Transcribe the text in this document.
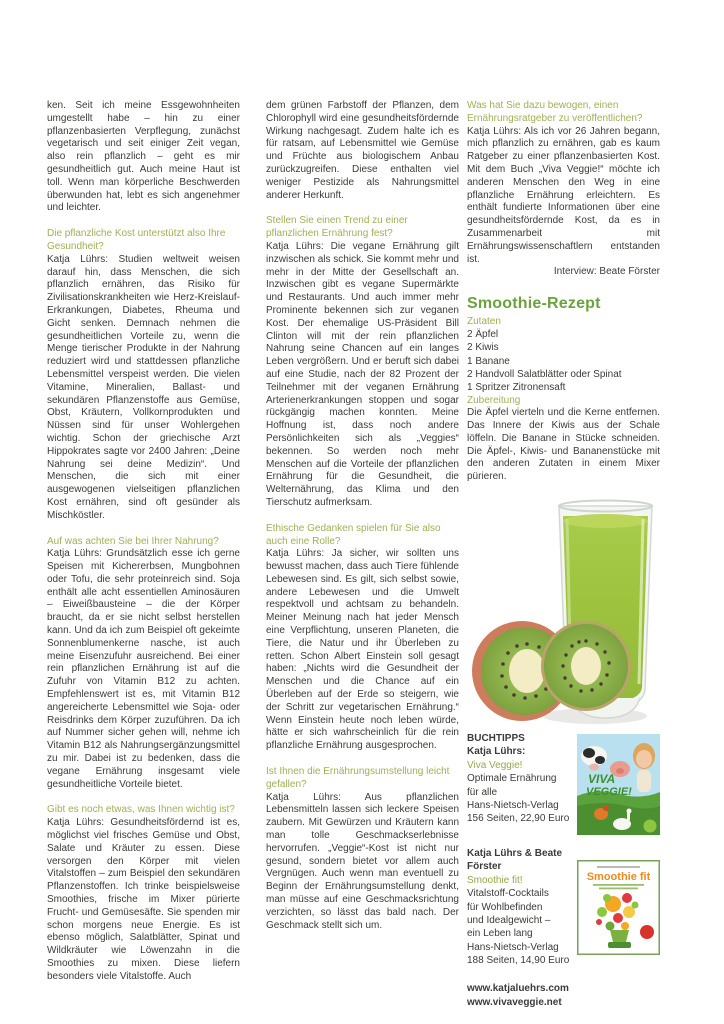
ken. Seit ich meine Essgewohnheiten umgestellt habe – hin zu einer pflanzenbasierten Verpflegung, zunächst vegetarisch und seit einiger Zeit vegan, also rein pflanzlich – geht es mir gesundheitlich gut. Auch meine Haut ist toll. Wenn man körperliche Beschwerden überwunden hat, lebt es sich angenehmer und leichter.

Die pflanzliche Kost unterstützt also Ihre Gesundheit?

Katja Lührs: Studien weltweit weisen darauf hin, dass Menschen, die sich pflanzlich ernähren, das Risiko für Zivilisationskrankheiten wie Herz-Kreislauf-Erkrankungen, Diabetes, Rheuma und Gicht senken. Demnach nehmen die gesundheitlichen Vorteile zu, wenn die Menge tierischer Produkte in der Nahrung reduziert wird und stattdessen pflanzliche Lebensmittel verspeist werden. Die vielen Vitamine, Mineralien, Ballast- und sekundären Pflanzenstoffe aus Gemüse, Obst, Kräutern, Vollkornprodukten und Nüssen sind für unser Wohlergehen wichtig. Schon der griechische Arzt Hippokrates sagte vor 2400 Jahren: „Deine Nahrung sei deine Medizin“. Und Menschen, die sich mit einer ausgewogenen vielseitigen pflanzlichen Kost ernähren, sind oft gesünder als Mischköstler.

Auf was achten Sie bei Ihrer Nahrung?

Katja Lührs: Grundsätzlich esse ich gerne Speisen mit Kichererbsen, Mungbohnen oder Tofu, die sehr proteinreich sind. Soja enthält alle acht essentiellen Aminosäuren – Eiweißbausteine – die der Körper braucht, da er sie nicht selbst herstellen kann. Und da ich zum Beispiel oft gekeimte Sonnenblumenkerne nasche, ist auch meine Eisenzufuhr ausreichend. Bei einer rein pflanzlichen Ernährung ist auf die Zufuhr von Vitamin B12 zu achten. Empfehlenswert ist es, mit Vitamin B12 angereicherte Lebensmittel wie Soja- oder Reisdrinks dem Körper zuzuführen. Da ich auf Nummer sicher gehen will, nehme ich Vitamin B12 als Nahrungsergänzungsmittel zu mir. Dabei ist zu bedenken, dass die vegane Ernährung insgesamt viele gesundheitliche Vorteile bietet.

Gibt es noch etwas, was Ihnen wichtig ist?

Katja Lührs: Gesundheitsfördernd ist es, möglichst viel frisches Gemüse und Obst, Salate und Kräuter zu essen. Diese versorgen den Körper mit vielen Vitalstoffen – zum Beispiel den sekundären Pflanzenstoffen. Ich trinke beispielsweise Smoothies, frische im Mixer pürierte Frucht- und Gemüsesäfte. Sie spenden mir schon morgens neue Energie. Es ist ebenso möglich, Salatblätter, Spinat und Wildkräuter wie Löwenzahn in die Smoothies zu mixen. Diese liefern besonders viele Vitalstoffe. Auch

dem grünen Farbstoff der Pflanzen, dem Chlorophyll wird eine gesundheitsfördernde Wirkung nachgesagt. Zudem halte ich es für ratsam, auf Lebensmittel wie Gemüse und Früchte aus biologischem Anbau zurückzugreifen. Diese enthalten viel weniger Pestizide als Nahrungsmittel anderer Herkunft.

Stellen Sie einen Trend zu einer pflanzlichen Ernährung fest?

Katja Lührs: Die vegane Ernährung gilt inzwischen als schick. Sie kommt mehr und mehr in der Mitte der Gesellschaft an. Inzwischen gibt es vegane Supermärkte und Restaurants. Und auch immer mehr Prominente bekennen sich zur veganen Kost. Der ehemalige US-Präsident Bill Clinton will mit der rein pflanzlichen Nahrung seine Chancen auf ein langes Leben vergrößern. Und er beruft sich dabei auf eine Studie, nach der 82 Prozent der Teilnehmer mit der veganen Ernährung Arterienerkrankungen stoppen und sogar rückgängig machen konnten. Meine Hoffnung ist, dass noch andere Persönlichkeiten sich als „Veggies“ bekennen. So werden noch mehr Menschen auf die Vorteile der pflanzlichen Ernährung für die Gesundheit, die Welternährung, das Klima und den Tierschutz aufmerksam.

Ethische Gedanken spielen für Sie also auch eine Rolle?

Katja Lührs: Ja sicher, wir sollten uns bewusst machen, dass auch Tiere fühlende Lebewesen sind. Es gilt, sich selbst sowie, andere Lebewesen und die Umwelt respektvoll und achtsam zu behandeln. Meiner Meinung nach hat jeder Mensch eine Verpflichtung, unseren Planeten, die Tiere, die Natur und ihr Überleben zu retten. Schon Albert Einstein soll gesagt haben: „Nichts wird die Gesundheit der Menschen und die Chance auf ein Überleben auf der Erde so steigern, wie der Schritt zur vegetarischen Ernährung.“ Wenn Einstein heute noch leben würde, hätte er sich wahrscheinlich für die rein pflanzliche Ernährung ausgesprochen.

Ist Ihnen die Ernährungsumstellung leicht gefallen?

Katja Lührs: Aus pflanzlichen Lebensmitteln lassen sich leckere Speisen zaubern. Mit Gewürzen und Kräutern kann man tolle Geschmackserlebnisse hervorrufen. „Veggie“-Kost ist nicht nur gesund, sondern bietet vor allem auch Vergnügen. Auch wenn man eventuell zu Beginn der Ernährungsumstellung denkt, man müsse auf eine Geschmacksrichtung verzichten, so lässt das bald nach. Der Geschmack stellt sich um.

Was hat Sie dazu bewogen, einen Ernährungsratgeber zu veröffentlichen?

Katja Lührs: Als ich vor 26 Jahren begann, mich pflanzlich zu ernähren, gab es kaum Ratgeber zu einer pflanzenbasierten Kost. Mit dem Buch „Viva Veggie!“ möchte ich anderen Menschen den Weg in eine pflanzliche Ernährung erleichtern. Es enthält fundierte Informationen über eine gesundheitsfördernde Kost, da es in Zusammenarbeit mit Ernährungswissenschaftlern entstanden ist.

Interview: Beate Förster

Smoothie-Rezept

Zutaten

2 Äpfel

2 Kiwis

1 Banane

2 Handvoll Salatblätter oder Spinat

1 Spritzer Zitronensaft

Zubereitung

Die Äpfel vierteln und die Kerne entfernen. Das Innere der Kiwis aus der Schale löffeln. Die Banane in Stücke schneiden. Die Äpfel-, Kiwis- und Bananenstücke mit den anderen Zutaten in einem Mixer pürieren.

BUCHTIPPS
Katja Lührs:
Viva Veggie!
Optimale Ernährung
für alle
Hans-Nietsch-Verlag
156 Seiten, 22,90 Euro
VIVA
VEGGIE!
Katja Lührs & Beate Förster
Smoothie fit!
Vitalstoff-Cocktails
für Wohlbefinden
und Idealgewicht –
ein Leben lang
Hans-Nietsch-Verlag
188 Seiten, 14,90 Euro
Smoothie fit
www.katjaluehrs.com
www.vivaveggie.net
